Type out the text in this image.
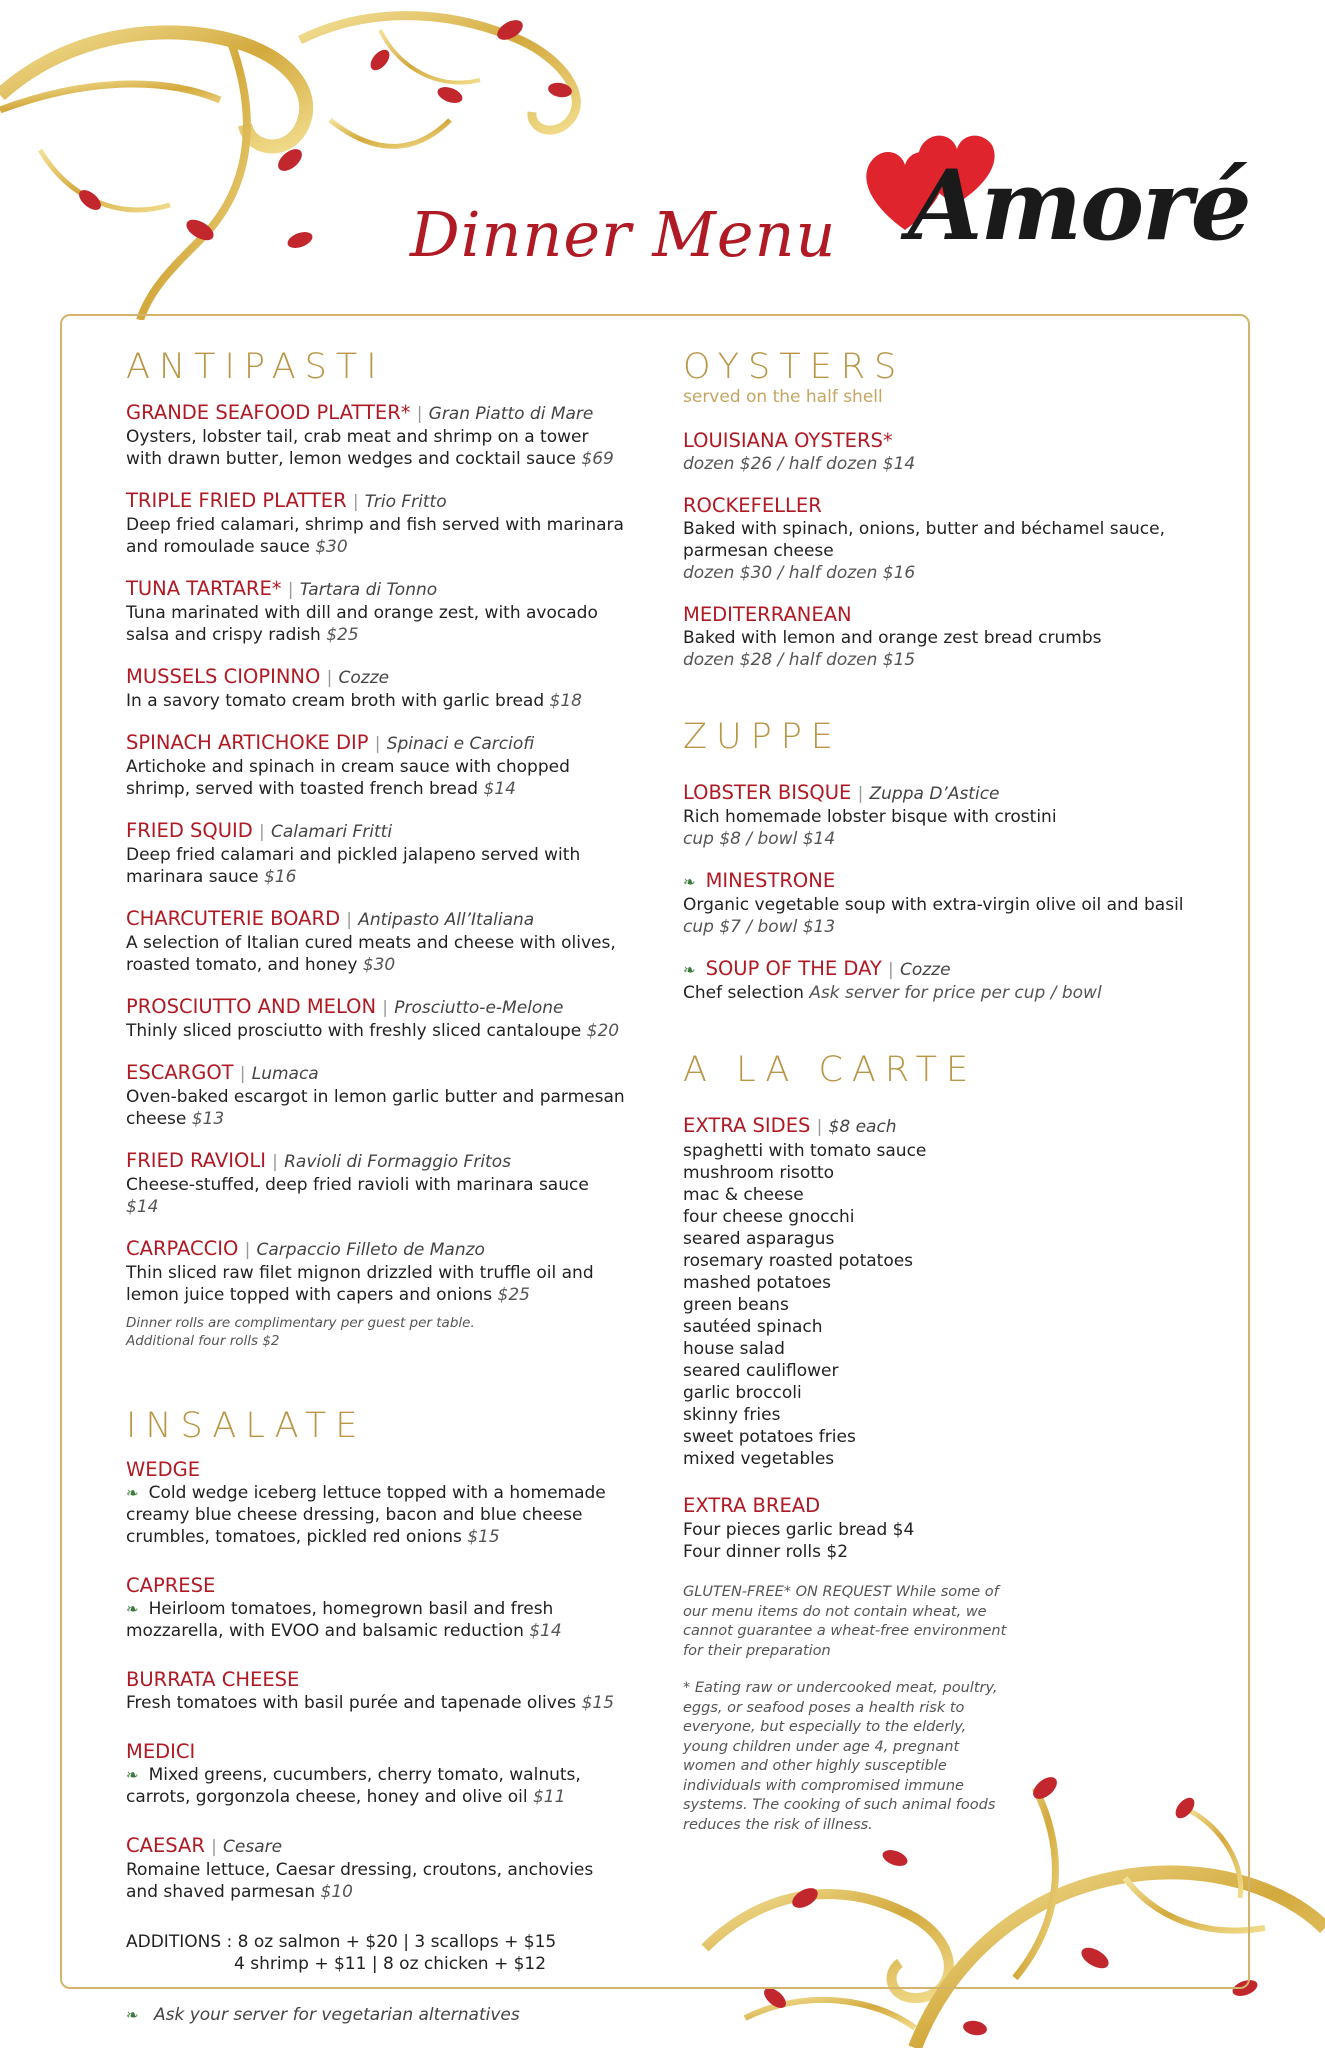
Dinner Menu Amoré
ANTIPASTI
GRANDE SEAFOOD PLATTER* | Gran Piatto di Mare
Oysters, lobster tail, crab meat and shrimp on a tower with drawn butter, lemon wedges and cocktail sauce $69
TRIPLE FRIED PLATTER | Trio Fritto
Deep fried calamari, shrimp and fish served with marinara and romoulade sauce $30
TUNA TARTARE* | Tartara di Tonno
Tuna marinated with dill and orange zest, with avocado salsa and crispy radish $25
MUSSELS CIOPINNO | Cozze
In a savory tomato cream broth with garlic bread $18
SPINACH ARTICHOKE DIP | Spinaci e Carciofi
Artichoke and spinach in cream sauce with chopped shrimp, served with toasted french bread $14
FRIED SQUID | Calamari Fritti
Deep fried calamari and pickled jalapeno served with marinara sauce $16
CHARCUTERIE BOARD | Antipasto All’Italiana
A selection of Italian cured meats and cheese with olives, roasted tomato, and honey $30
PROSCIUTTO AND MELON | Prosciutto-e-Melone
Thinly sliced prosciutto with freshly sliced cantaloupe $20
ESCARGOT | Lumaca
Oven-baked escargot in lemon garlic butter and parmesan cheese $13
FRIED RAVIOLI | Ravioli di Formaggio Fritos
Cheese-stuffed, deep fried ravioli with marinara sauce $14
CARPACCIO | Carpaccio Filleto de Manzo
Thin sliced raw filet mignon drizzled with truffle oil and lemon juice topped with capers and onions $25
Dinner rolls are complimentary per guest per table.
Additional four rolls $2
INSALATE
WEDGE
❧ Cold wedge iceberg lettuce topped with a homemade creamy blue cheese dressing, bacon and blue cheese crumbles, tomatoes, pickled red onions $15
CAPRESE
❧ Heirloom tomatoes, homegrown basil and fresh mozzarella, with EVOO and balsamic reduction $14
BURRATA CHEESE
Fresh tomatoes with basil purée and tapenade olives $15
MEDICI
❧ Mixed greens, cucumbers, cherry tomato, walnuts, carrots, gorgonzola cheese, honey and olive oil $11
CAESAR | Cesare
Romaine lettuce, Caesar dressing, croutons, anchovies and shaved parmesan $10
ADDITIONS : 8 oz salmon + $20 | 3 scallops + $15
4 shrimp + $11 | 8 oz chicken + $12
❧ Ask your server for vegetarian alternatives
OYSTERS
served on the half shell
LOUISIANA OYSTERS*
dozen $26 / half dozen $14
ROCKEFELLER
Baked with spinach, onions, butter and béchamel sauce, parmesan cheese
dozen $30 / half dozen $16
MEDITERRANEAN
Baked with lemon and orange zest bread crumbs
dozen $28 / half dozen $15
ZUPPE
LOBSTER BISQUE | Zuppa D’Astice
Rich homemade lobster bisque with crostini
cup $8 / bowl $14
❧ MINESTRONE
Organic vegetable soup with extra-virgin olive oil and basil
cup $7 / bowl $13
❧ SOUP OF THE DAY | Cozze
Chef selection Ask server for price per cup / bowl
A LA CARTE
EXTRA SIDES | $8 each
spaghetti with tomato sauce
mushroom risotto
mac & cheese
four cheese gnocchi
seared asparagus
rosemary roasted potatoes
mashed potatoes
green beans
sautéed spinach
house salad
seared cauliflower
garlic broccoli
skinny fries
sweet potatoes fries
mixed vegetables
EXTRA BREAD
Four pieces garlic bread $4
Four dinner rolls $2
GLUTEN-FREE* ON REQUEST While some of our menu items do not contain wheat, we cannot guarantee a wheat-free environment for their preparation
* Eating raw or undercooked meat, poultry, eggs, or seafood poses a health risk to everyone, but especially to the elderly, young children under age 4, pregnant women and other highly susceptible individuals with compromised immune systems. The cooking of such animal foods reduces the risk of illness.
